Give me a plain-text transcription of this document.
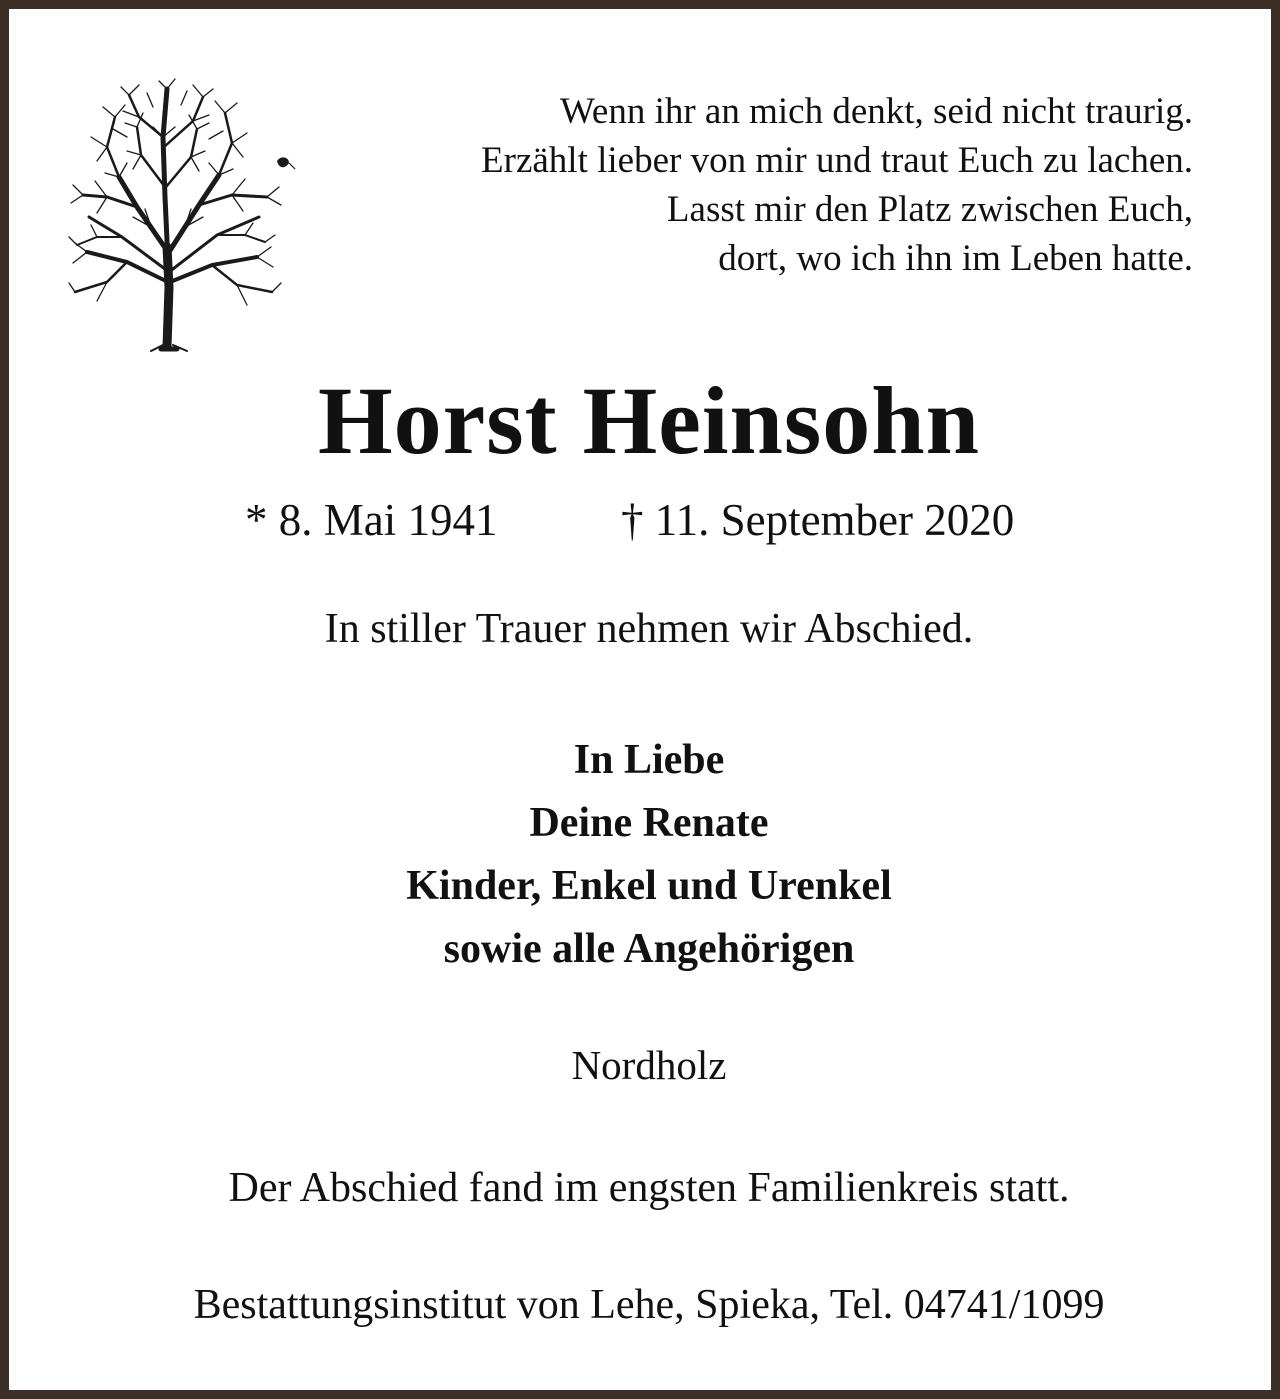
Wenn ihr an mich denkt, seid nicht traurig.
Erzählt lieber von mir und traut Euch zu lachen.
Lasst mir den Platz zwischen Euch,
dort, wo ich ihn im Leben hatte.
Horst Heinsohn
* 8. Mai 1941	† 11. September 2020
In stiller Trauer nehmen wir Abschied.
In Liebe
Deine Renate
Kinder, Enkel und Urenkel
sowie alle Angehörigen
Nordholz
Der Abschied fand im engsten Familienkreis statt.
Bestattungsinstitut von Lehe, Spieka, Tel. 04741/1099
